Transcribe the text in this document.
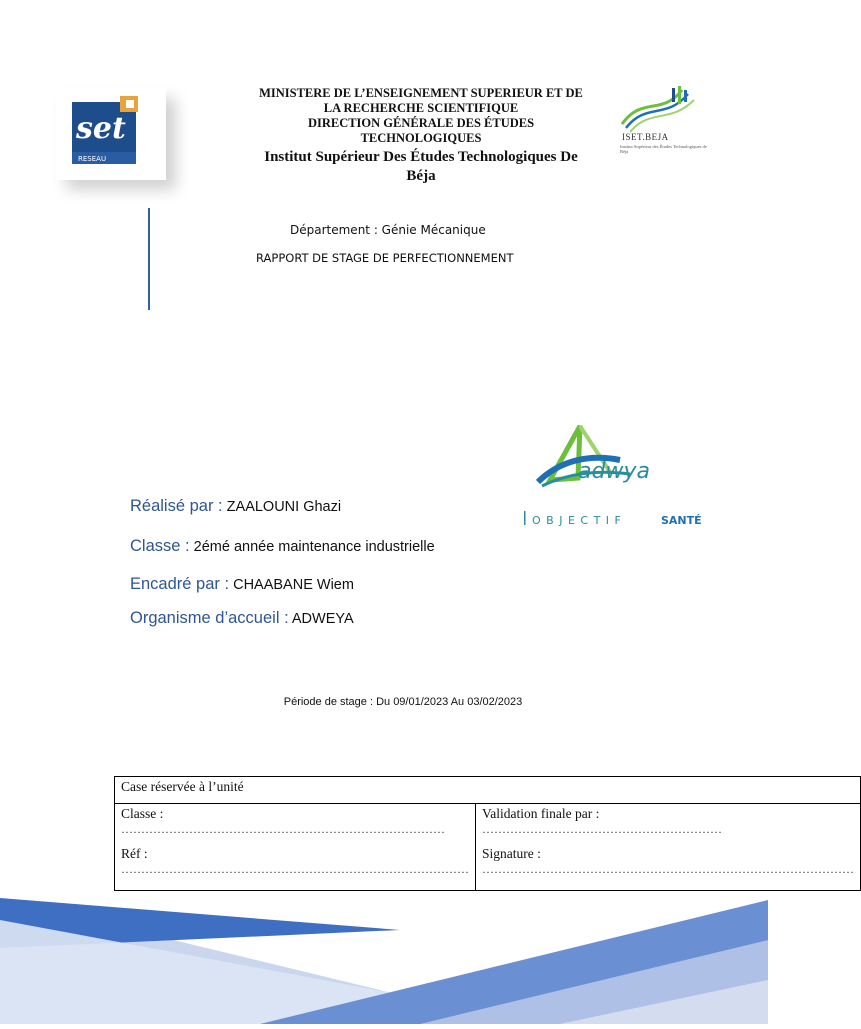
set
RESEAU
MINISTERE DE L’ENSEIGNEMENT SUPERIEUR ET DE
LA RECHERCHE SCIENTIFIQUE
DIRECTION GÉNÉRALE DES ÉTUDES
TECHNOLOGIQUES
Institut Supérieur Des Études Technologiques De
Béja
ISET.BEJA
Institut Supérieur des Études Technologiques de Béja
Département : Génie Mécanique
RAPPORT DE STAGE DE PERFECTIONNEMENT
adwya
OBJECTIF	SANTÉ
Réalisé par : ZAALOUNI Ghazi
Classe : 2émé année maintenance industrielle
Encadré par : CHAABANE Wiem
Organisme d’accueil : ADWEYA
Période de stage : Du 09/01/2023 Au 03/02/2023
Case réservée à l’unité

Classe :
………………………………………………………………………
Réf :
……………………………………………………………………………

Validation finale par :
……………………………………………………
Signature :
…………………………………………………………………………………
